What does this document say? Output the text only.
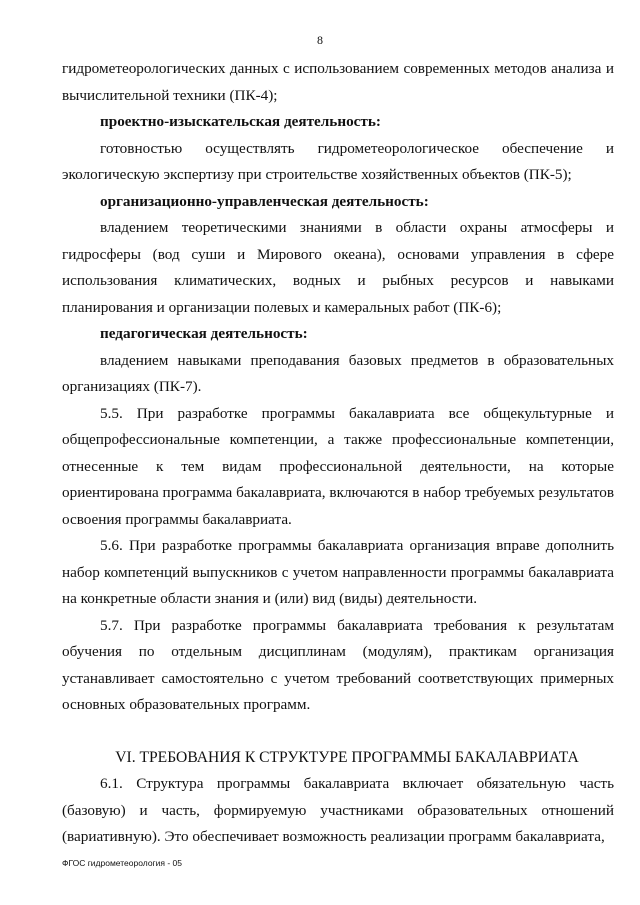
8

гидрометеорологических данных с использованием современных методов анализа и вычислительной техники (ПК-4);

проектно-изыскательская деятельность:

готовностью осуществлять гидрометеорологическое обеспечение и экологическую экспертизу при строительстве хозяйственных объектов (ПК-5);

организационно-управленческая деятельность:

владением теоретическими знаниями в области охраны атмосферы и гидросферы (вод суши и Мирового океана), основами управления в сфере использования климатических, водных и рыбных ресурсов и навыками планирования и организации полевых и камеральных работ (ПК-6);

педагогическая деятельность:

владением навыками преподавания базовых предметов в образовательных организациях (ПК-7).

5.5. При разработке программы бакалавриата все общекультурные и общепрофессиональные компетенции, а также профессиональные компетенции, отнесенные к тем видам профессиональной деятельности, на которые ориентирована программа бакалавриата, включаются в набор требуемых результатов освоения программы бакалавриата.

5.6. При разработке программы бакалавриата организация вправе дополнить набор компетенций выпускников с учетом направленности программы бакалавриата на конкретные области знания и (или) вид (виды) деятельности.

5.7. При разработке программы бакалавриата требования к результатам обучения по отдельным дисциплинам (модулям), практикам организация устанавливает самостоятельно с учетом требований соответствующих примерных основных образовательных программ.

VI. ТРЕБОВАНИЯ К СТРУКТУРЕ ПРОГРАММЫ БАКАЛАВРИАТА

6.1. Структура программы бакалавриата включает обязательную часть (базовую) и часть, формируемую участниками образовательных отношений (вариативную). Это обеспечивает возможность реализации программ бакалавриата,

ФГОС гидрометеорология - 05
